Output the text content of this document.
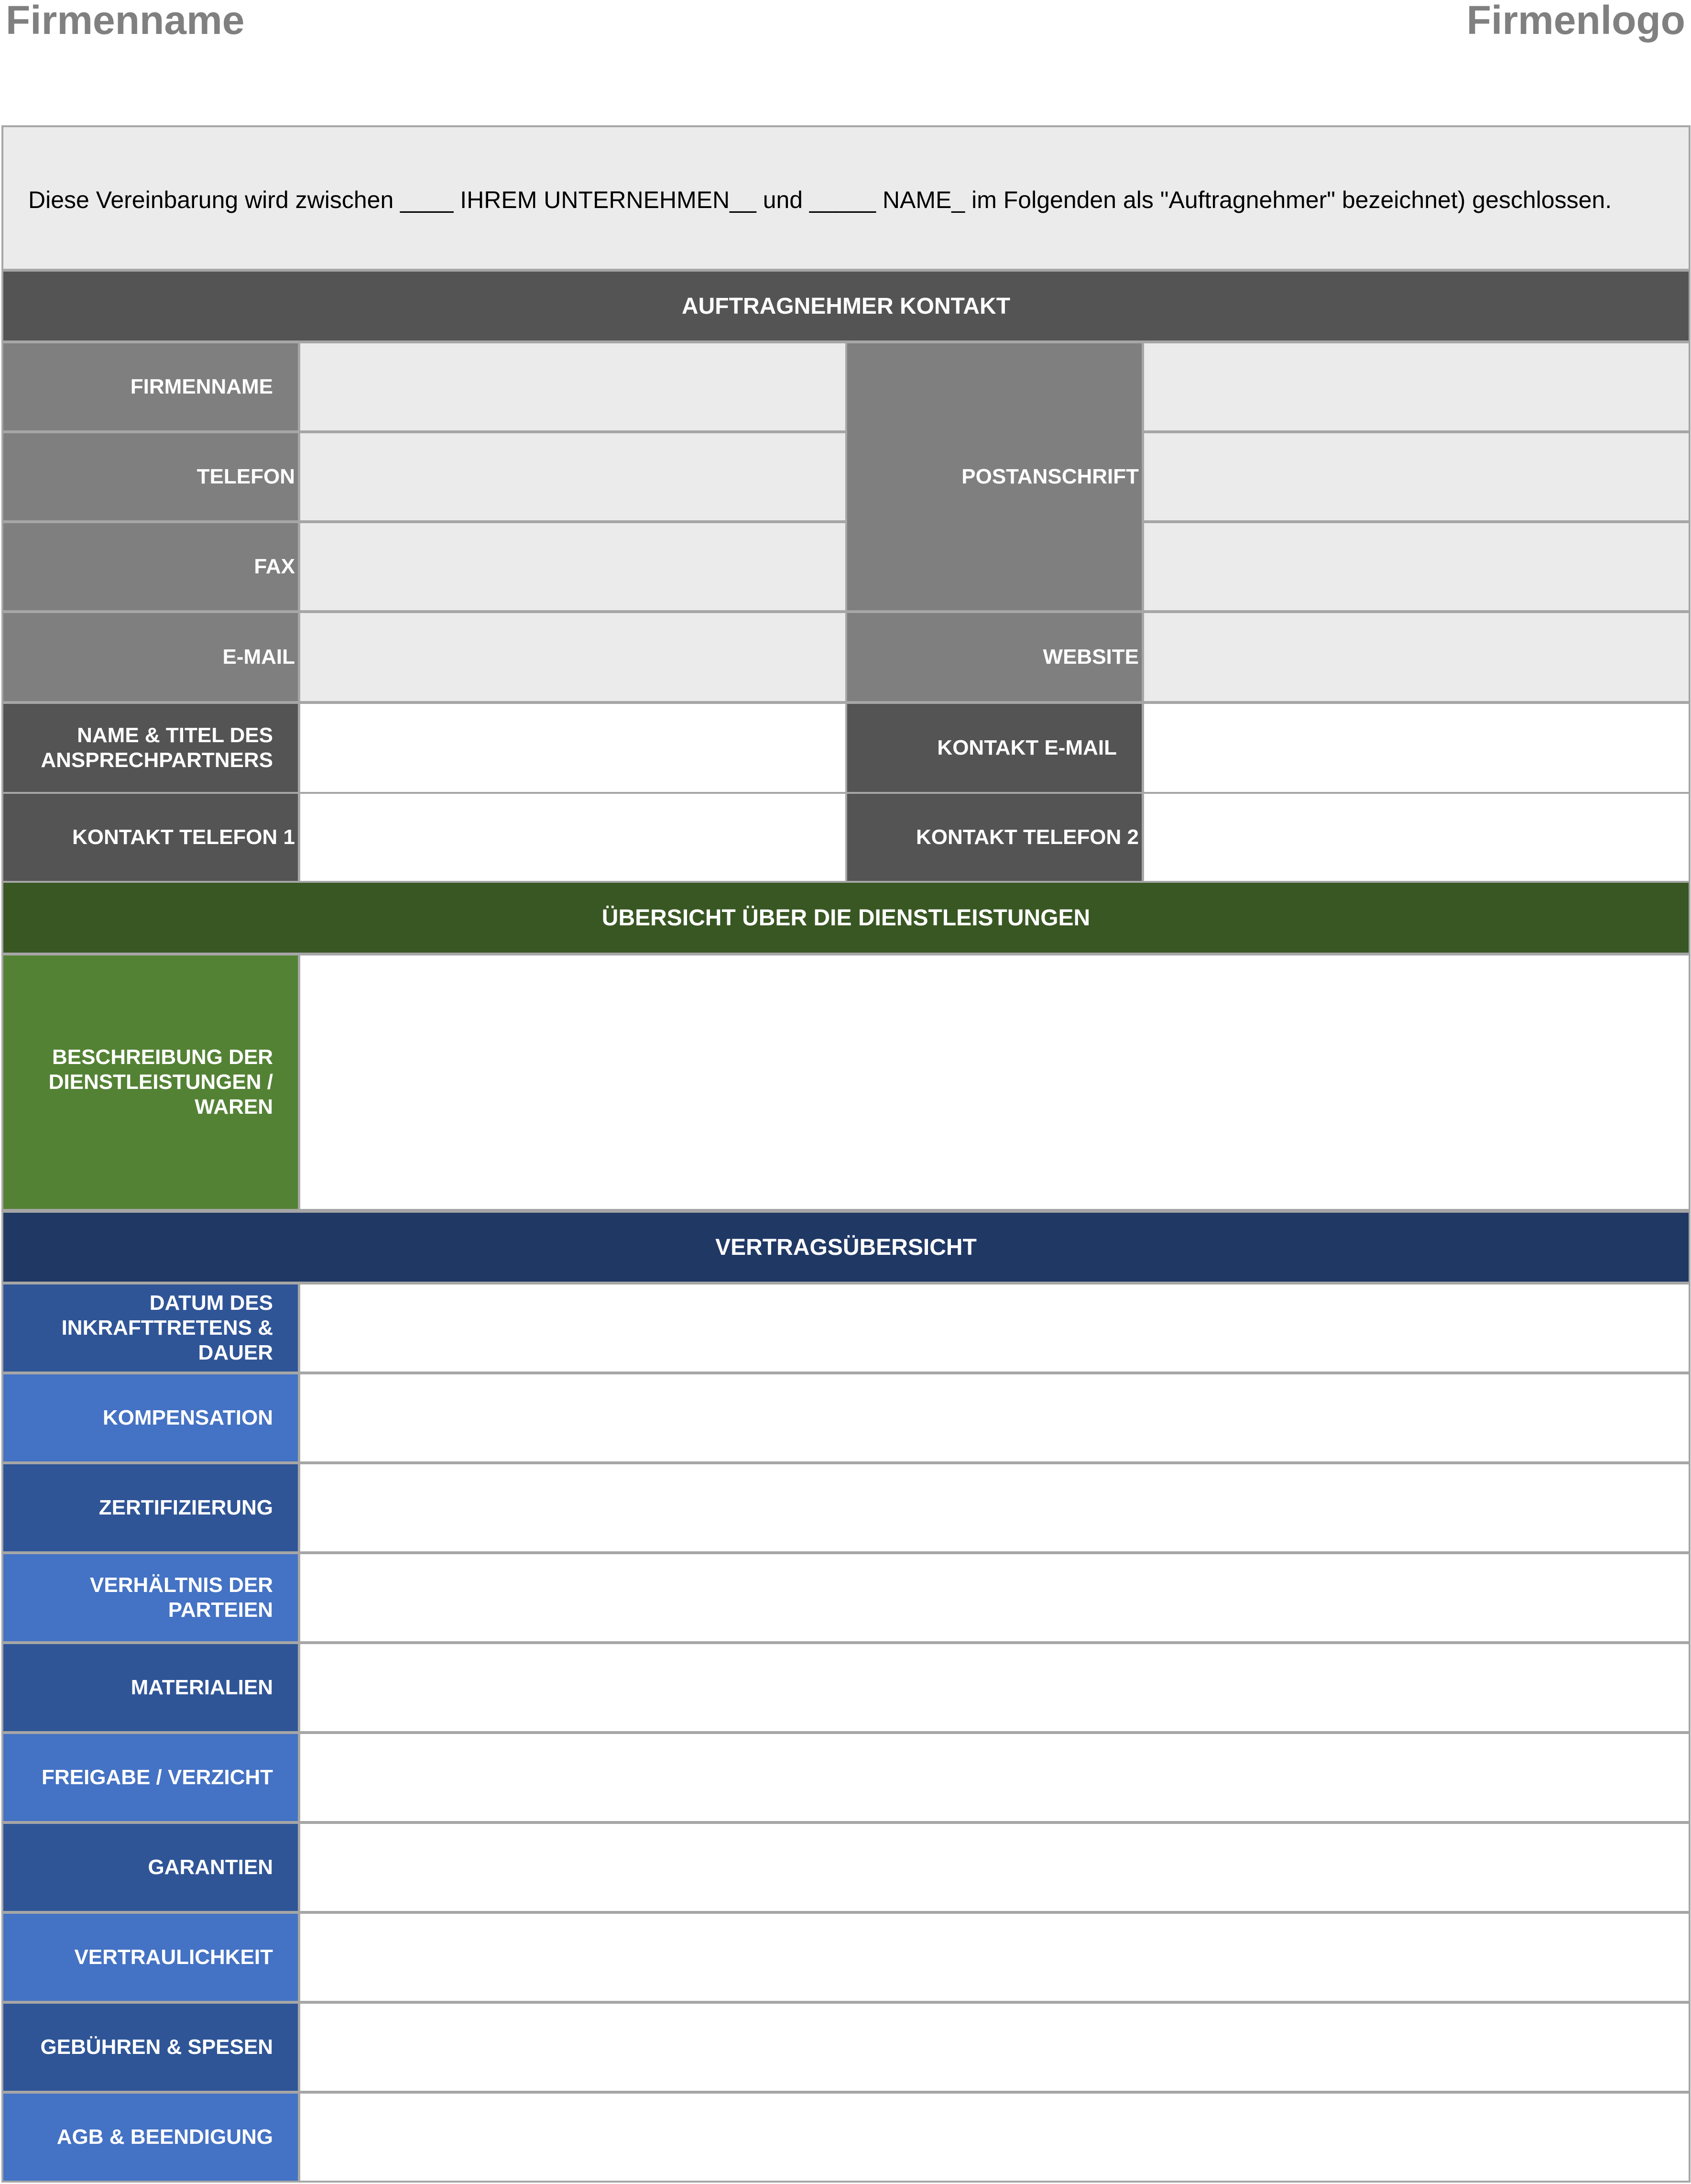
Firmenname	Firmenlogo
Diese Vereinbarung wird zwischen ____ IHREM UNTERNEHMEN__ und _____ NAME_ im Folgenden als "Auftragnehmer" bezeichnet) geschlossen.
AUFTRAGNEHMER KONTAKT
FIRMENNAME
TELEFON
FAX
E-MAIL
POSTANSCHRIFT
WEBSITE
NAME & TITEL DES ANSPRECHPARTNERS
KONTAKT E-MAIL
KONTAKT TELEFON 1	KONTAKT TELEFON 2
ÜBERSICHT ÜBER DIE DIENSTLEISTUNGEN
BESCHREIBUNG DER DIENSTLEISTUNGEN / WAREN
VERTRAGSÜBERSICHT
DATUM DES INKRAFTTRETENS & DAUER
KOMPENSATION
ZERTIFIZIERUNG
VERHÄLTNIS DER PARTEIEN
MATERIALIEN
FREIGABE / VERZICHT
GARANTIEN
VERTRAULICHKEIT
GEBÜHREN & SPESEN
AGB & BEENDIGUNG
